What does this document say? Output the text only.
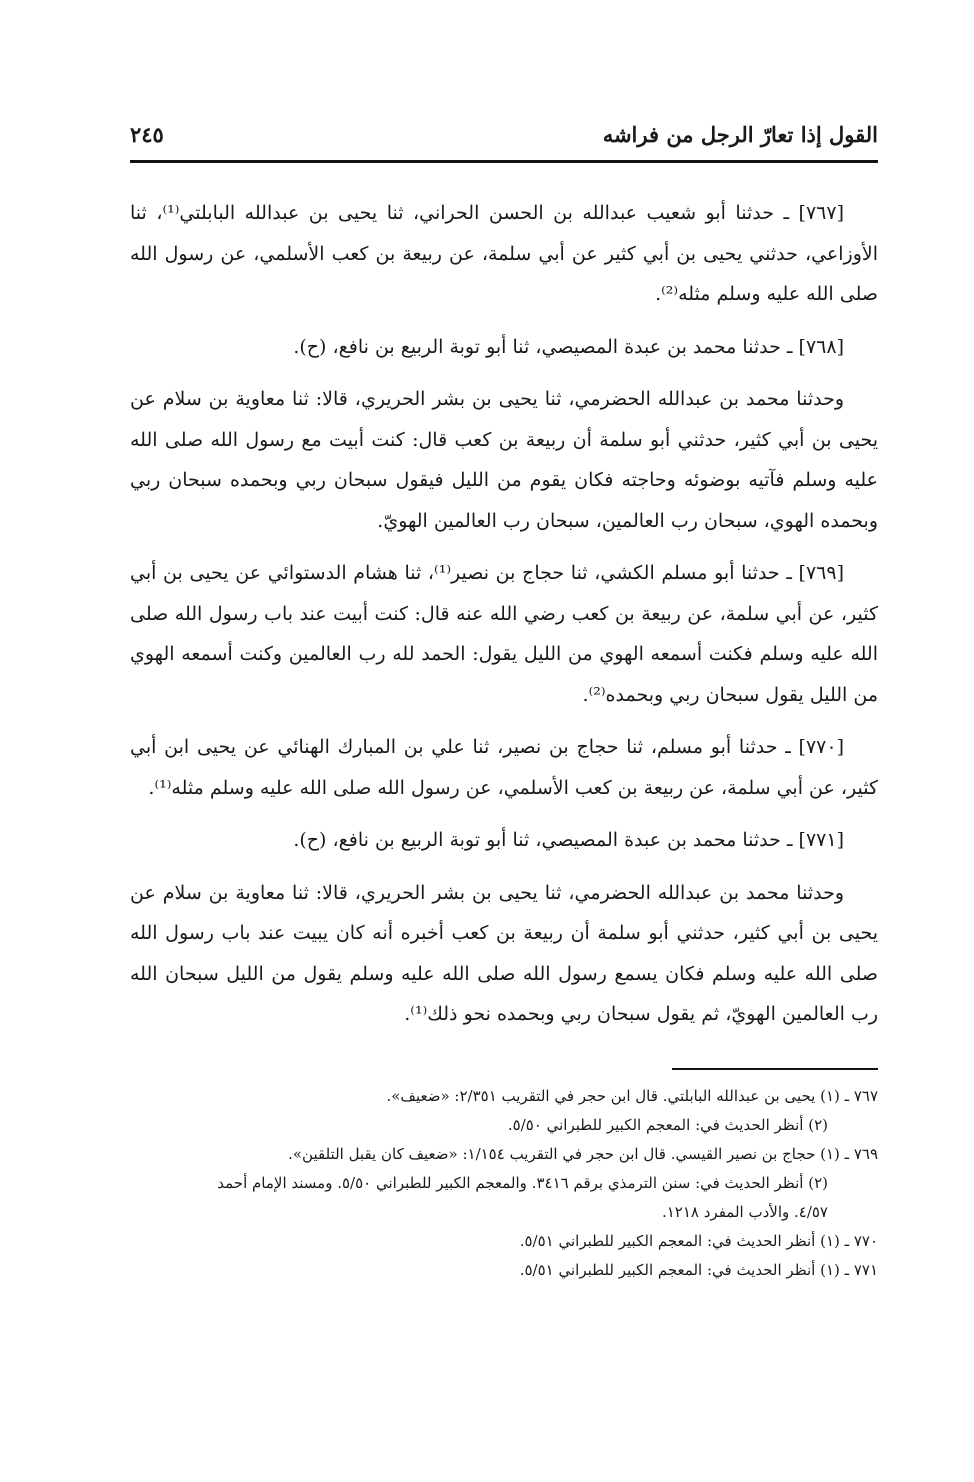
القول إذا تعارّ الرجل من فراشه
٢٤٥

[٧٦٧] ـ حدثنا أبو شعيب عبدالله بن الحسن الحراني، ثنا يحيى بن عبدالله البابلتي⁽¹⁾، ثنا الأوزاعي، حدثني يحيى بن أبي كثير عن أبي سلمة، عن ربيعة بن كعب الأسلمي، عن رسول الله صلى الله عليه وسلم مثله⁽²⁾.

[٧٦٨] ـ حدثنا محمد بن عبدة المصيصي، ثنا أبو توبة الربيع بن نافع، (ح).

وحدثنا محمد بن عبدالله الحضرمي، ثنا يحيى بن بشر الحريري، قالا: ثنا معاوية بن سلام عن يحيى بن أبي كثير، حدثني أبو سلمة أن ربيعة بن كعب قال: كنت أبيت مع رسول الله صلى الله عليه وسلم فآتيه بوضوئه وحاجته فكان يقوم من الليل فيقول سبحان ربي وبحمده سبحان ربي وبحمده الهوي، سبحان رب العالمين، سبحان رب العالمين الهويّ.

[٧٦٩] ـ حدثنا أبو مسلم الكشي، ثنا حجاج بن نصير⁽¹⁾، ثنا هشام الدستوائي عن يحيى بن أبي كثير، عن أبي سلمة، عن ربيعة بن كعب رضي الله عنه قال: كنت أبيت عند باب رسول الله صلى الله عليه وسلم فكنت أسمعه الهوي من الليل يقول: الحمد لله رب العالمين وكنت أسمعه الهوي من الليل يقول سبحان ربي وبحمده⁽²⁾.

[٧٧٠] ـ حدثنا أبو مسلم، ثنا حجاج بن نصير، ثنا علي بن المبارك الهنائي عن يحيى ابن أبي كثير، عن أبي سلمة، عن ربيعة بن كعب الأسلمي، عن رسول الله صلى الله عليه وسلم مثله⁽¹⁾.

[٧٧١] ـ حدثنا محمد بن عبدة المصيصي، ثنا أبو توبة الربيع بن نافع، (ح).

وحدثنا محمد بن عبدالله الحضرمي، ثنا يحيى بن بشر الحريري، قالا: ثنا معاوية بن سلام عن يحيى بن أبي كثير، حدثني أبو سلمة أن ربيعة بن كعب أخبره أنه كان يبيت عند باب رسول الله صلى الله عليه وسلم فكان يسمع رسول الله صلى الله عليه وسلم يقول من الليل سبحان الله رب العالمين الهويّ، ثم يقول سبحان ربي وبحمده نحو ذلك⁽¹⁾.

٧٦٧ ـ (١) يحيى بن عبدالله البابلتي. قال ابن حجر في التقريب ٢/٣٥١: «ضعيف».

(٢) أنظر الحديث في: المعجم الكبير للطبراني ٥/٥٠.

٧٦٩ ـ (١) حجاج بن نصير القيسي. قال ابن حجر في التقريب ١/١٥٤: «ضعيف كان يقبل التلقين».

(٢) أنظر الحديث في: سنن الترمذي برقم ٣٤١٦. والمعجم الكبير للطبراني ٥/٥٠. ومسند الإمام أحمد

٤/٥٧. والأدب المفرد ١٢١٨.

٧٧٠ ـ (١) أنظر الحديث في: المعجم الكبير للطبراني ٥/٥١.

٧٧١ ـ (١) أنظر الحديث في: المعجم الكبير للطبراني ٥/٥١.
